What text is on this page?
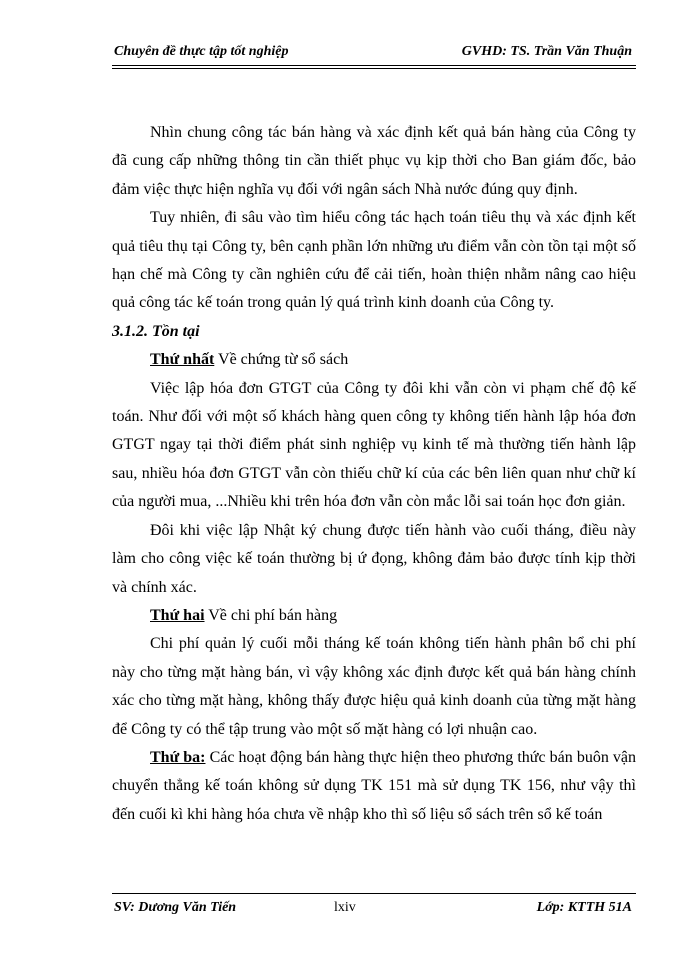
Chuyên đề thực tập tốt nghiệp	GVHD: TS. Trần Văn Thuận

Nhìn chung công tác bán hàng và xác định kết quả bán hàng của Công ty đã cung cấp những thông tin cần thiết phục vụ kịp thời cho Ban giám đốc, bảo đảm việc thực hiện nghĩa vụ đối với ngân sách Nhà nước đúng quy định.

Tuy nhiên, đi sâu vào tìm hiểu công tác hạch toán tiêu thụ và xác định kết quả tiêu thụ tại Công ty, bên cạnh phần lớn những ưu điểm vẫn còn tồn tại một số hạn chế mà Công ty cần nghiên cứu để cải tiến, hoàn thiện nhằm nâng cao hiệu quả công tác kế toán trong quản lý quá trình kinh doanh của Công ty.

3.1.2. Tồn tại

Thứ nhất Về chứng từ sổ sách

Việc lập hóa đơn GTGT của Công ty đôi khi vẫn còn vi phạm chế độ kế toán. Như đối với một số khách hàng quen công ty không tiến hành lập hóa đơn GTGT ngay tại thời điểm phát sinh nghiệp vụ kinh tế mà thường tiến hành lập sau, nhiều hóa đơn GTGT vẫn còn thiếu chữ kí của các bên liên quan như chữ kí của người mua, ...Nhiều khi trên hóa đơn vẫn còn mắc lỗi sai toán học đơn giản.

Đôi khi việc lập Nhật ký chung được tiến hành vào cuối tháng, điều này làm cho công việc kế toán thường bị ứ đọng, không đảm bảo được tính kịp thời và chính xác.

Thứ hai Về chi phí bán hàng

Chi phí quản lý cuối mỗi tháng kế toán không tiến hành phân bổ chi phí này cho từng mặt hàng bán, vì vậy không xác định được kết quả bán hàng chính xác cho từng mặt hàng, không thấy được hiệu quả kinh doanh của từng mặt hàng để Công ty có thể tập trung vào một số mặt hàng có lợi nhuận cao.

Thứ ba: Các hoạt động bán hàng thực hiện theo phương thức bán buôn vận chuyển thẳng kế toán không sử dụng TK 151 mà sử dụng TK 156, như vậy thì đến cuối kì khi hàng hóa chưa về nhập kho thì số liệu sổ sách trên sổ kế toán

SV: Dương Văn Tiến	lxiv	Lớp: KTTH 51A
